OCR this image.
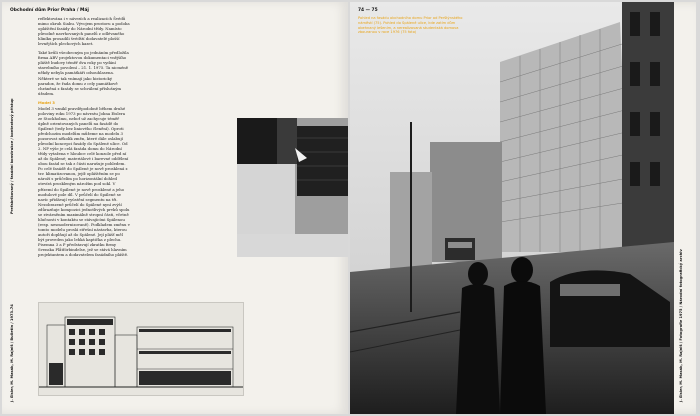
Obchodní dům Prior Praha / Máj
Prefabrikovaný / fasádní konstrukce / kontextový přístup
J. Eisler, M. Masák, M. Rajniš / Bulletin / 1973–74

reflektována i v návrzích a realizacích Švédů mimo okruh Siabu. Vývojem prostoru a podoba opláštění fasády do Národní třídy. Namísto původně navrhovaných panelů z odlévaného hliníku prosadili švédští dodavatelé plošší levnějších plechových kazet.

Také kvůli všeobecným po jednáním předložila firma ABV projektovou dokumentaci vnějšího pláště budovy téměř dva roky po vydání stavebního povolení – 21. 1. 1975. Ta nicméně někdy nebyla památkáři odsouhlasena. Některé se tak vnímají jako historický paradox, že řada domu z cely památkově chráněná z fasády se schválení příslušným úřadem.

Model 3

Model 3 vznikl pravděpodobně během druhé poloviny roku 1973 po návratu Johna Eislera ze Stockholmu, neboť už zachycuje téměř úplně orientovaných panelů na fasádě do Spálené (tedy bez liniového členění). Oproti předchozím modelům můžeme na modelu 3 pozorovat několik změn, které dále oslabují původní koncepci fasády do Spálené ulice. Od 2. NP výše je celá fasáda domu do Národní třídy vytažena v hloubce celé konzole před ní až do Spálené; materiálové i barevné oddělení obou fasád se tak z části narušuje pohledem. Po celé fasádě do Spálené je nově prosklená z tzv. klimatizovanou, jejíž opláštěním se po nároží s průčelím po horizontální dohled otevírá proskleným nárožím pod sokl. V přízemí do Spálené je nově prosklené a jeho modulové pole díl. V průčelí do Spálené se navíc přidávají vyústění segmentu na tři. Nezobrazené průčelí do Spálené nyní zvýší zdůrazňuje kompozici jednotlivých prvků spolu se ztvárněním maximálně stropní části, včetně hlučnosti v kontaktu se stávajícími Spálenou (resp. nesmodernizovaně). Podkladem změnu v tomto modelu proslá střešní nástavba, kterou autoři doplňují až do Spálené. Její plášť měl být proveden jako lehká kaptička z plechu. Pisemna 3 a P představují zkratku firmy Svenska Plåtförbindelse, jež se stává hlavním projektantem a dodavatelem fasádního pláště.

74 — 75
Pohled na fasádu obchodního domu Prior od Perštýnského náměstí (75). Pohled do Spálené ulice, kde zatím dům obehnaný lešením, a nerealizovaná studentská domova zbouranou v roce 1976 (75 foto)
J. Eisler, M. Masák, M. Rajniš / Fotografie 1975 / Národní fotografický archiv
